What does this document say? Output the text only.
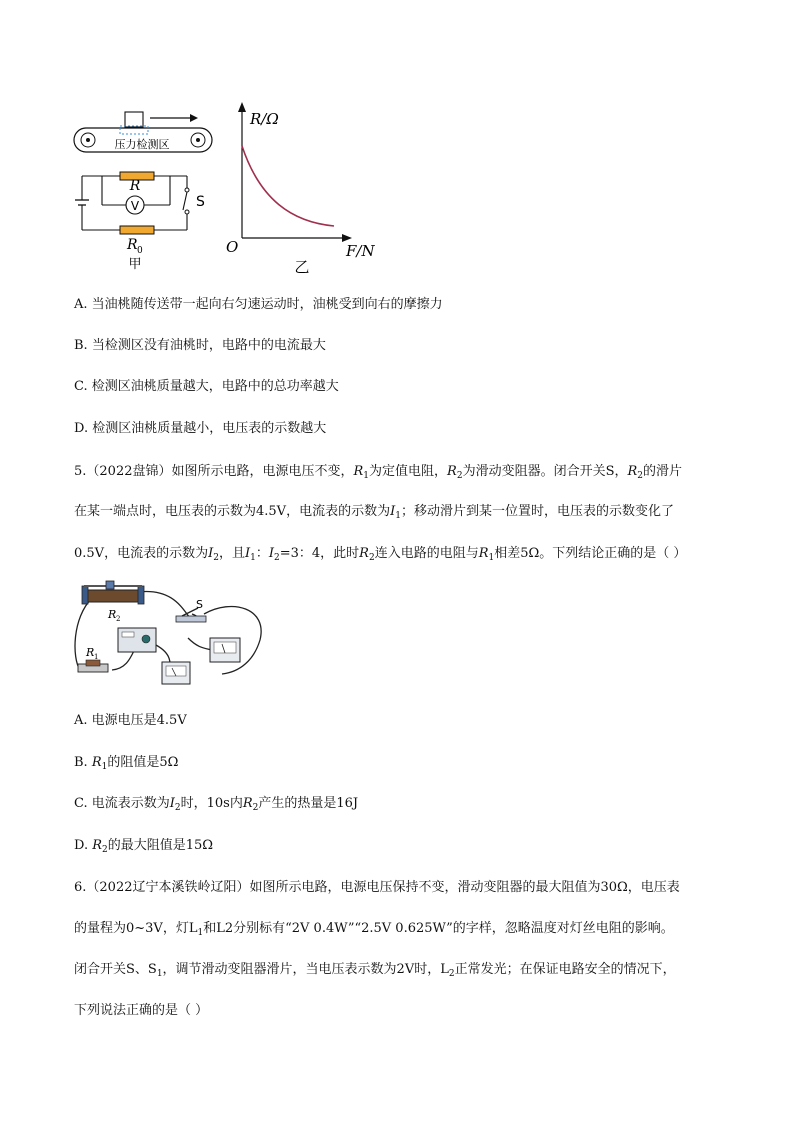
压力检测区
R
V	S
R 0
甲
R/Ω
O	F/N
乙
A. 当油桃随传送带一起向右匀速运动时，油桃受到向右的摩擦力
B. 当检测区没有油桃时，电路中的电流最大
C. 检测区油桃质量越大，电路中的总功率越大
D. 检测区油桃质量越小，电压表的示数越大
5.（2022盘锦）如图所示电路，电源电压不变，$R_1$为定值电阻，$R_2$为滑动变阻器。闭合开关S，$R_2$的滑片
在某一端点时，电压表的示数为4.5V，电流表的示数为$I_1$；移动滑片到某一位置时，电压表的示数变化了
0.5V，电流表的示数为$I_2$，且$I_1$：$I_2=3$：4，此时$R_2$连入电路的电阻与$R_1$相差5Ω。下列结论正确的是（ ）
R 2
S
R 1
A. 电源电压是4.5V
B. $R_1$的阻值是5Ω
C. 电流表示数为$I_2$时，10s内$R_2$产生的热量是16J
D. $R_2$的最大阻值是15Ω
6.（2022辽宁本溪铁岭辽阳）如图所示电路，电源电压保持不变，滑动变阻器的最大阻值为30Ω，电压表
的量程为0~3V，灯$L_1$和L2分别标有“2V 0.4W”“2.5V 0.625W”的字样，忽略温度对灯丝电阻的影响。
闭合开关S、$S_1$，调节滑动变阻器滑片，当电压表示数为2V时，$L_2$正常发光；在保证电路安全的情况下，
下列说法正确的是（ ）
